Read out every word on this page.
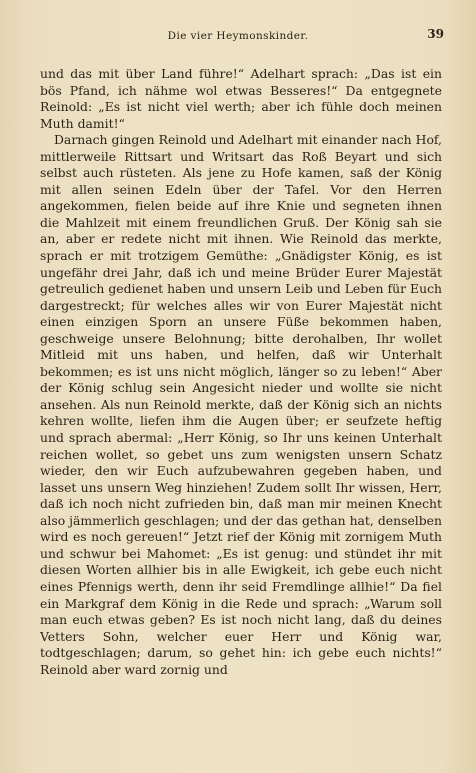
Die vier Heymonskinder.	39

und das mit über Land führe!“ Adelhart sprach: „Das ist ein bös Pfand, ich nähme wol etwas Besseres!“ Da entgegnete Reinold: „Es ist nicht viel werth; aber ich fühle doch meinen Muth damit!“

Darnach gingen Reinold und Adelhart mit einander nach Hof, mittlerweile Rittsart und Writsart das Roß Beyart und sich selbst auch rüsteten. Als jene zu Hofe kamen, saß der König mit allen seinen Edeln über der Tafel. Vor den Herren angekommen, fielen beide auf ihre Knie und segneten ihnen die Mahlzeit mit einem freundlichen Gruß. Der König sah sie an, aber er redete nicht mit ihnen. Wie Reinold das merkte, sprach er mit trotzigem Gemüthe: „Gnädigster König, es ist ungefähr drei Jahr, daß ich und meine Brüder Eurer Majestät getreulich gedienet haben und unsern Leib und Leben für Euch dargestreckt; für welches alles wir von Eurer Majestät nicht einen einzigen Sporn an unsere Füße bekommen haben, geschweige unsere Belohnung; bitte derohalben, Ihr wollet Mitleid mit uns haben, und helfen, daß wir Unterhalt bekommen; es ist uns nicht möglich, länger so zu leben!“ Aber der König schlug sein Angesicht nieder und wollte sie nicht ansehen. Als nun Reinold merkte, daß der König sich an nichts kehren wollte, liefen ihm die Augen über; er seufzete heftig und sprach abermal: „Herr König, so Ihr uns keinen Unterhalt reichen wollet, so gebet uns zum wenigsten unsern Schatz wieder, den wir Euch aufzubewahren gegeben haben, und lasset uns unsern Weg hinziehen! Zudem sollt Ihr wissen, Herr, daß ich noch nicht zufrieden bin, daß man mir meinen Knecht also jämmerlich geschlagen; und der das gethan hat, denselben wird es noch gereuen!“ Jetzt rief der König mit zornigem Muth und schwur bei Mahomet: „Es ist genug: und stündet ihr mit diesen Worten allhier bis in alle Ewigkeit, ich gebe euch nicht eines Pfennigs werth, denn ihr seid Fremdlinge allhie!“ Da fiel ein Markgraf dem König in die Rede und sprach: „Warum soll man euch etwas geben? Es ist noch nicht lang, daß du deines Vetters Sohn, welcher euer Herr und König war, todtgeschlagen; darum, so gehet hin: ich gebe euch nichts!“ Reinold aber ward zornig und
